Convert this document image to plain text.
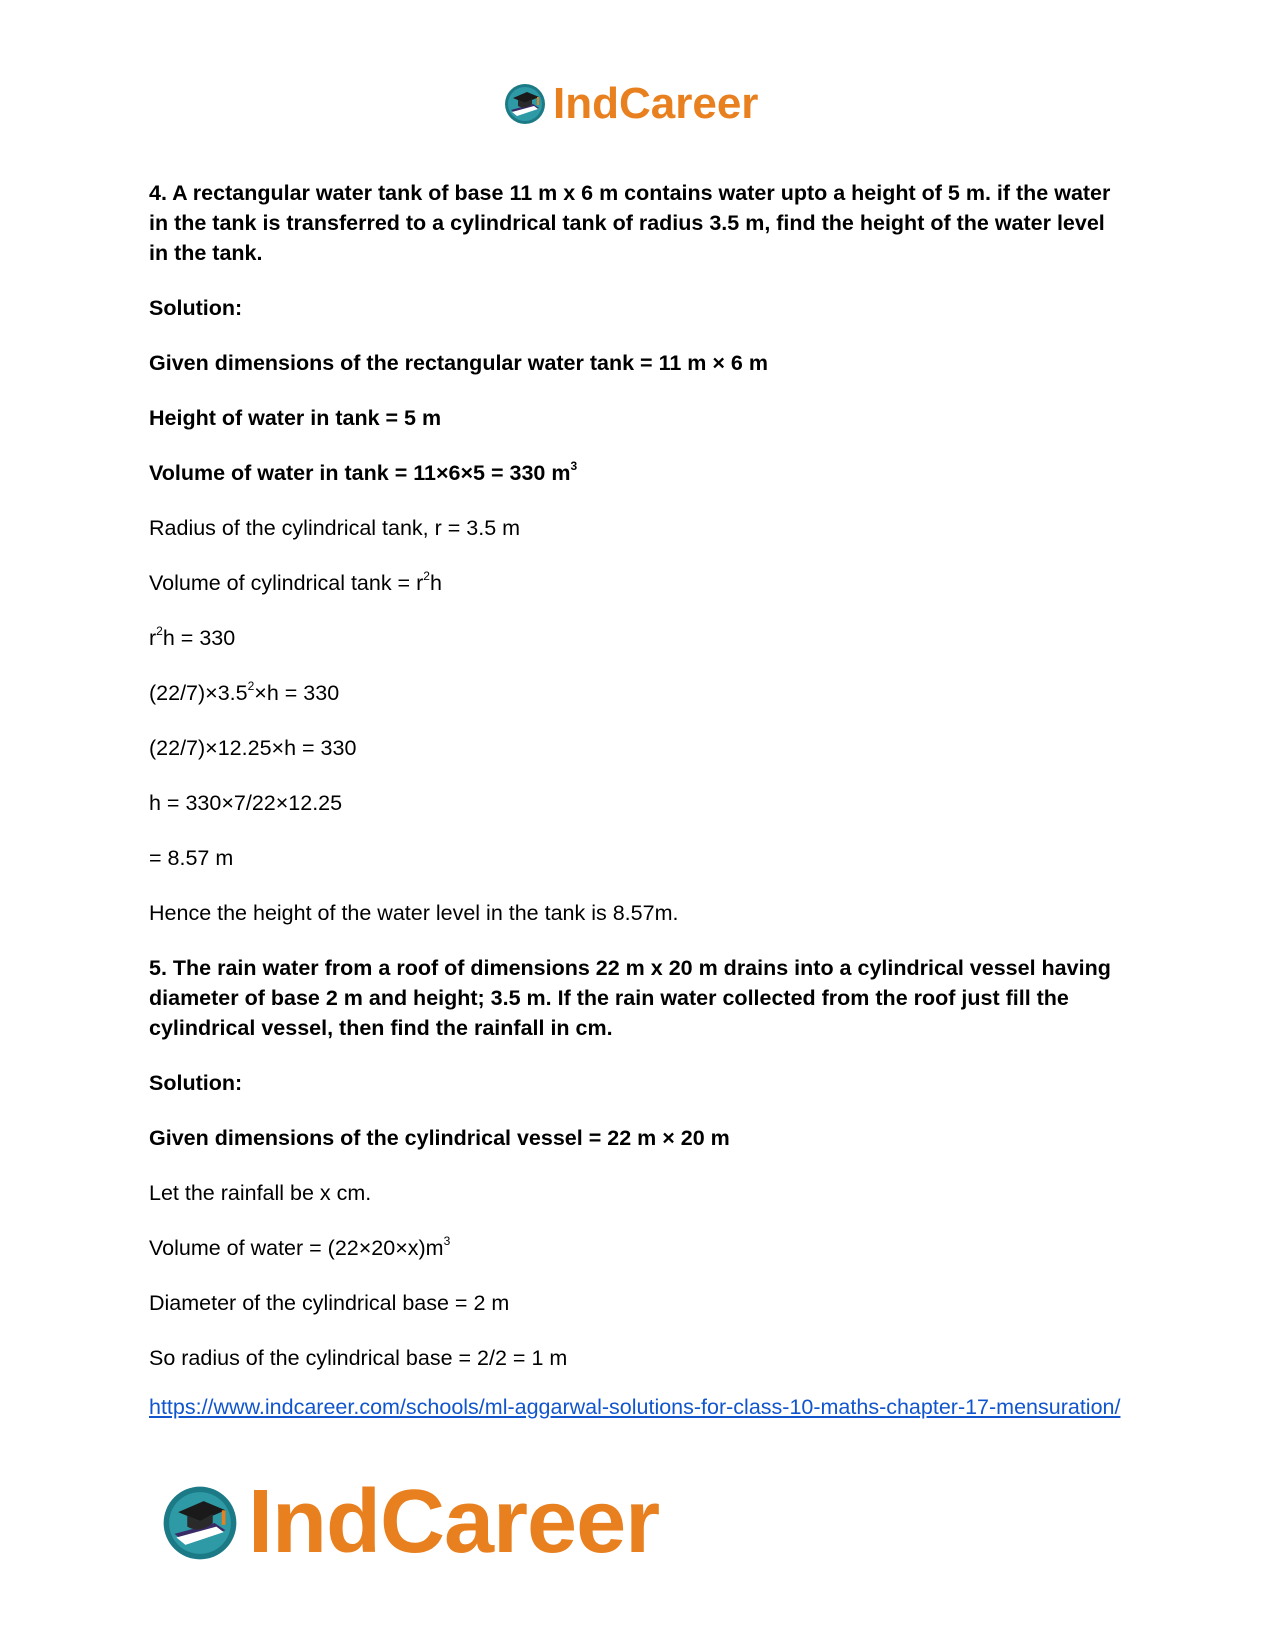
IndCareer
4. A rectangular water tank of base 11 m x 6 m contains water upto a height of 5 m. if the water in the tank is transferred to a cylindrical tank of radius 3.5 m, find the height of the water level in the tank.
Solution:
Given dimensions of the rectangular water tank = 11 m × 6 m
Height of water in tank = 5 m
Volume of water in tank = 11×6×5 = 330 $m^3$
Radius of the cylindrical tank, r = 3.5 m
Volume of cylindrical $\tan k = r^2h$
$r^2h = 330$
$(22/7)\times 3.5^2\times h = 330$
(22/7)×12.25×h = 330
h = 330×7/22×12.25
= 8.57 m
Hence the height of the water level in the tank is 8.57m.
5. The rain water from a roof of dimensions 22 m x 20 m drains into a cylindrical vessel having diameter of base 2 m and height; 3.5 m. If the rain water collected from the roof just fill the cylindrical vessel, then find the rainfall in cm.
Solution:
Given dimensions of the cylindrical vessel = 22 m × 20 m
Let the rainfall be x cm.
Volume of water = $(22\times 20\times x)m^3$
Diameter of the cylindrical base = 2 m
So radius of the cylindrical base = 2/2 = 1 m
https://www.indcareer.com/schools/ml-aggarwal-solutions-for-class-10-maths-chapter-17-mensuration/
IndCareer
